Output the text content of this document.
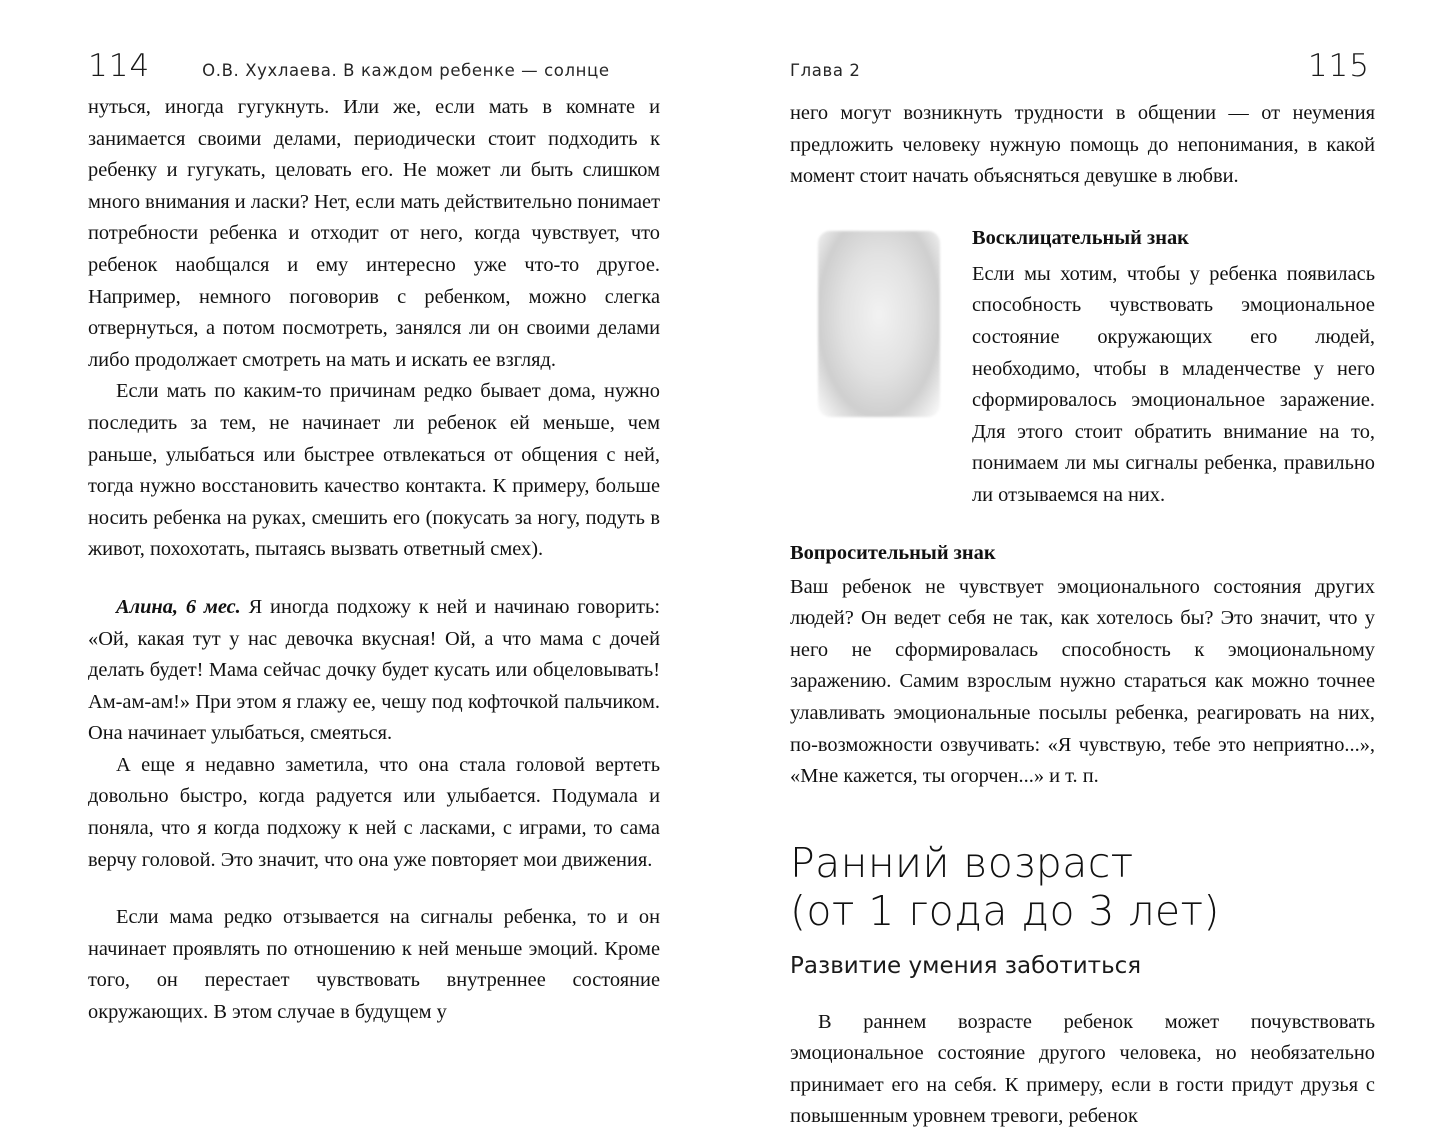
114	О.В. Хухлаева. В каждом ребенке — солнце

нуться, иногда гугукнуть. Или же, если мать в комнате и занимается своими делами, периодически стоит подходить к ребенку и гугукать, целовать его. Не может ли быть слишком много внимания и ласки? Нет, если мать действительно понимает потребности ребенка и отходит от него, когда чувствует, что ребенок наобщался и ему интересно уже что-то другое. Например, немного поговорив с ребенком, можно слегка отвернуться, а потом посмотреть, занялся ли он своими делами либо продолжает смотреть на мать и искать ее взгляд.

Если мать по каким-то причинам редко бывает дома, нужно последить за тем, не начинает ли ребенок ей меньше, чем раньше, улыбаться или быстрее отвлекаться от общения с ней, тогда нужно восстановить качество контакта. К примеру, больше носить ребенка на руках, смешить его (покусать за ногу, подуть в живот, похохотать, пытаясь вызвать ответный смех).

Алина, 6 мес. Я иногда подхожу к ней и начинаю говорить: «Ой, какая тут у нас девочка вкусная! Ой, а что мама с дочей делать будет! Мама сейчас дочку будет кусать или обцеловывать! Ам-ам-ам!» При этом я глажу ее, чешу под кофточкой пальчиком. Она начинает улыбаться, смеяться.

А еще я недавно заметила, что она стала головой вертеть довольно быстро, когда радуется или улыбается. Подумала и поняла, что я когда подхожу к ней с ласками, с играми, то сама верчу головой. Это значит, что она уже повторяет мои движения.

Если мама редко отзывается на сигналы ребенка, то и он начинает проявлять по отношению к ней меньше эмоций. Кроме того, он перестает чувствовать внутреннее состояние окружающих. В этом случае в будущем у

Глава 2	115

него могут возникнуть трудности в общении — от неумения предложить человеку нужную помощь до непонимания, в какой момент стоит начать объясняться девушке в любви.

Восклицательный знак

Если мы хотим, чтобы у ребенка появилась способность чувствовать эмоциональное состояние окружающих его людей, необходимо, чтобы в младенчестве у него сформировалось эмоциональное заражение. Для этого стоит обратить внимание на то, понимаем ли мы сигналы ребенка, правильно ли отзываемся на них.

Вопросительный знак

Ваш ребенок не чувствует эмоционального состояния других людей? Он ведет себя не так, как хотелось бы? Это значит, что у него не сформировалась способность к эмоциональному заражению. Самим взрослым нужно стараться как можно точнее улавливать эмоциональные посылы ребенка, реагировать на них, по-возможности озвучивать: «Я чувствую, тебе это неприятно...», «Мне кажется, ты огорчен...» и т. п.

Ранний возраст
(от 1 года до 3 лет)
Развитие умения заботиться

В раннем возрасте ребенок может почувствовать эмоциональное состояние другого человека, но необязательно принимает его на себя. К примеру, если в гости придут друзья с повышенным уровнем тревоги, ребенок
